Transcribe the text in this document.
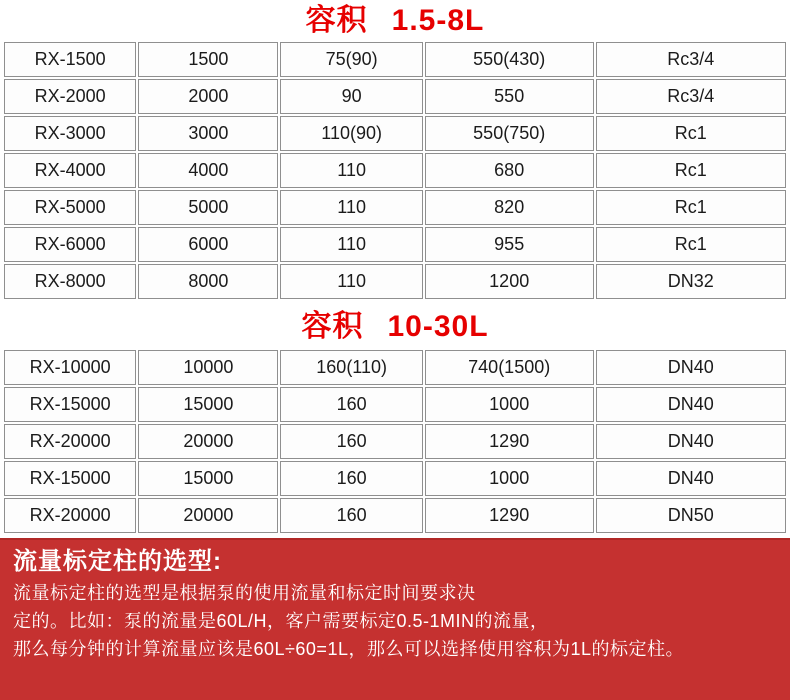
容积 1.5-8L
RX-1500	1500	75(90)	550(430)	Rc3/4
RX-2000	2000	90	550	Rc3/4
RX-3000	3000	110(90)	550(750)	Rc1
RX-4000	4000	110	680	Rc1
RX-5000	5000	110	820	Rc1
RX-6000	6000	110	955	Rc1
RX-8000	8000	110	1200	DN32
容积 10-30L
RX-10000	10000	160(110)	740(1500)	DN40
RX-15000	15000	160	1000	DN40
RX-20000	20000	160	1290	DN40
RX-15000	15000	160	1000	DN40
RX-20000	20000	160	1290	DN50
流量标定柱的选型:
流量标定柱的选型是根据泵的使用流量和标定时间要求决
定的。比如：泵的流量是60L/H，客户需要标定0.5-1MIN的流量，
那么每分钟的计算流量应该是60L÷60=1L，那么可以选择使用容积为1L的标定柱。
